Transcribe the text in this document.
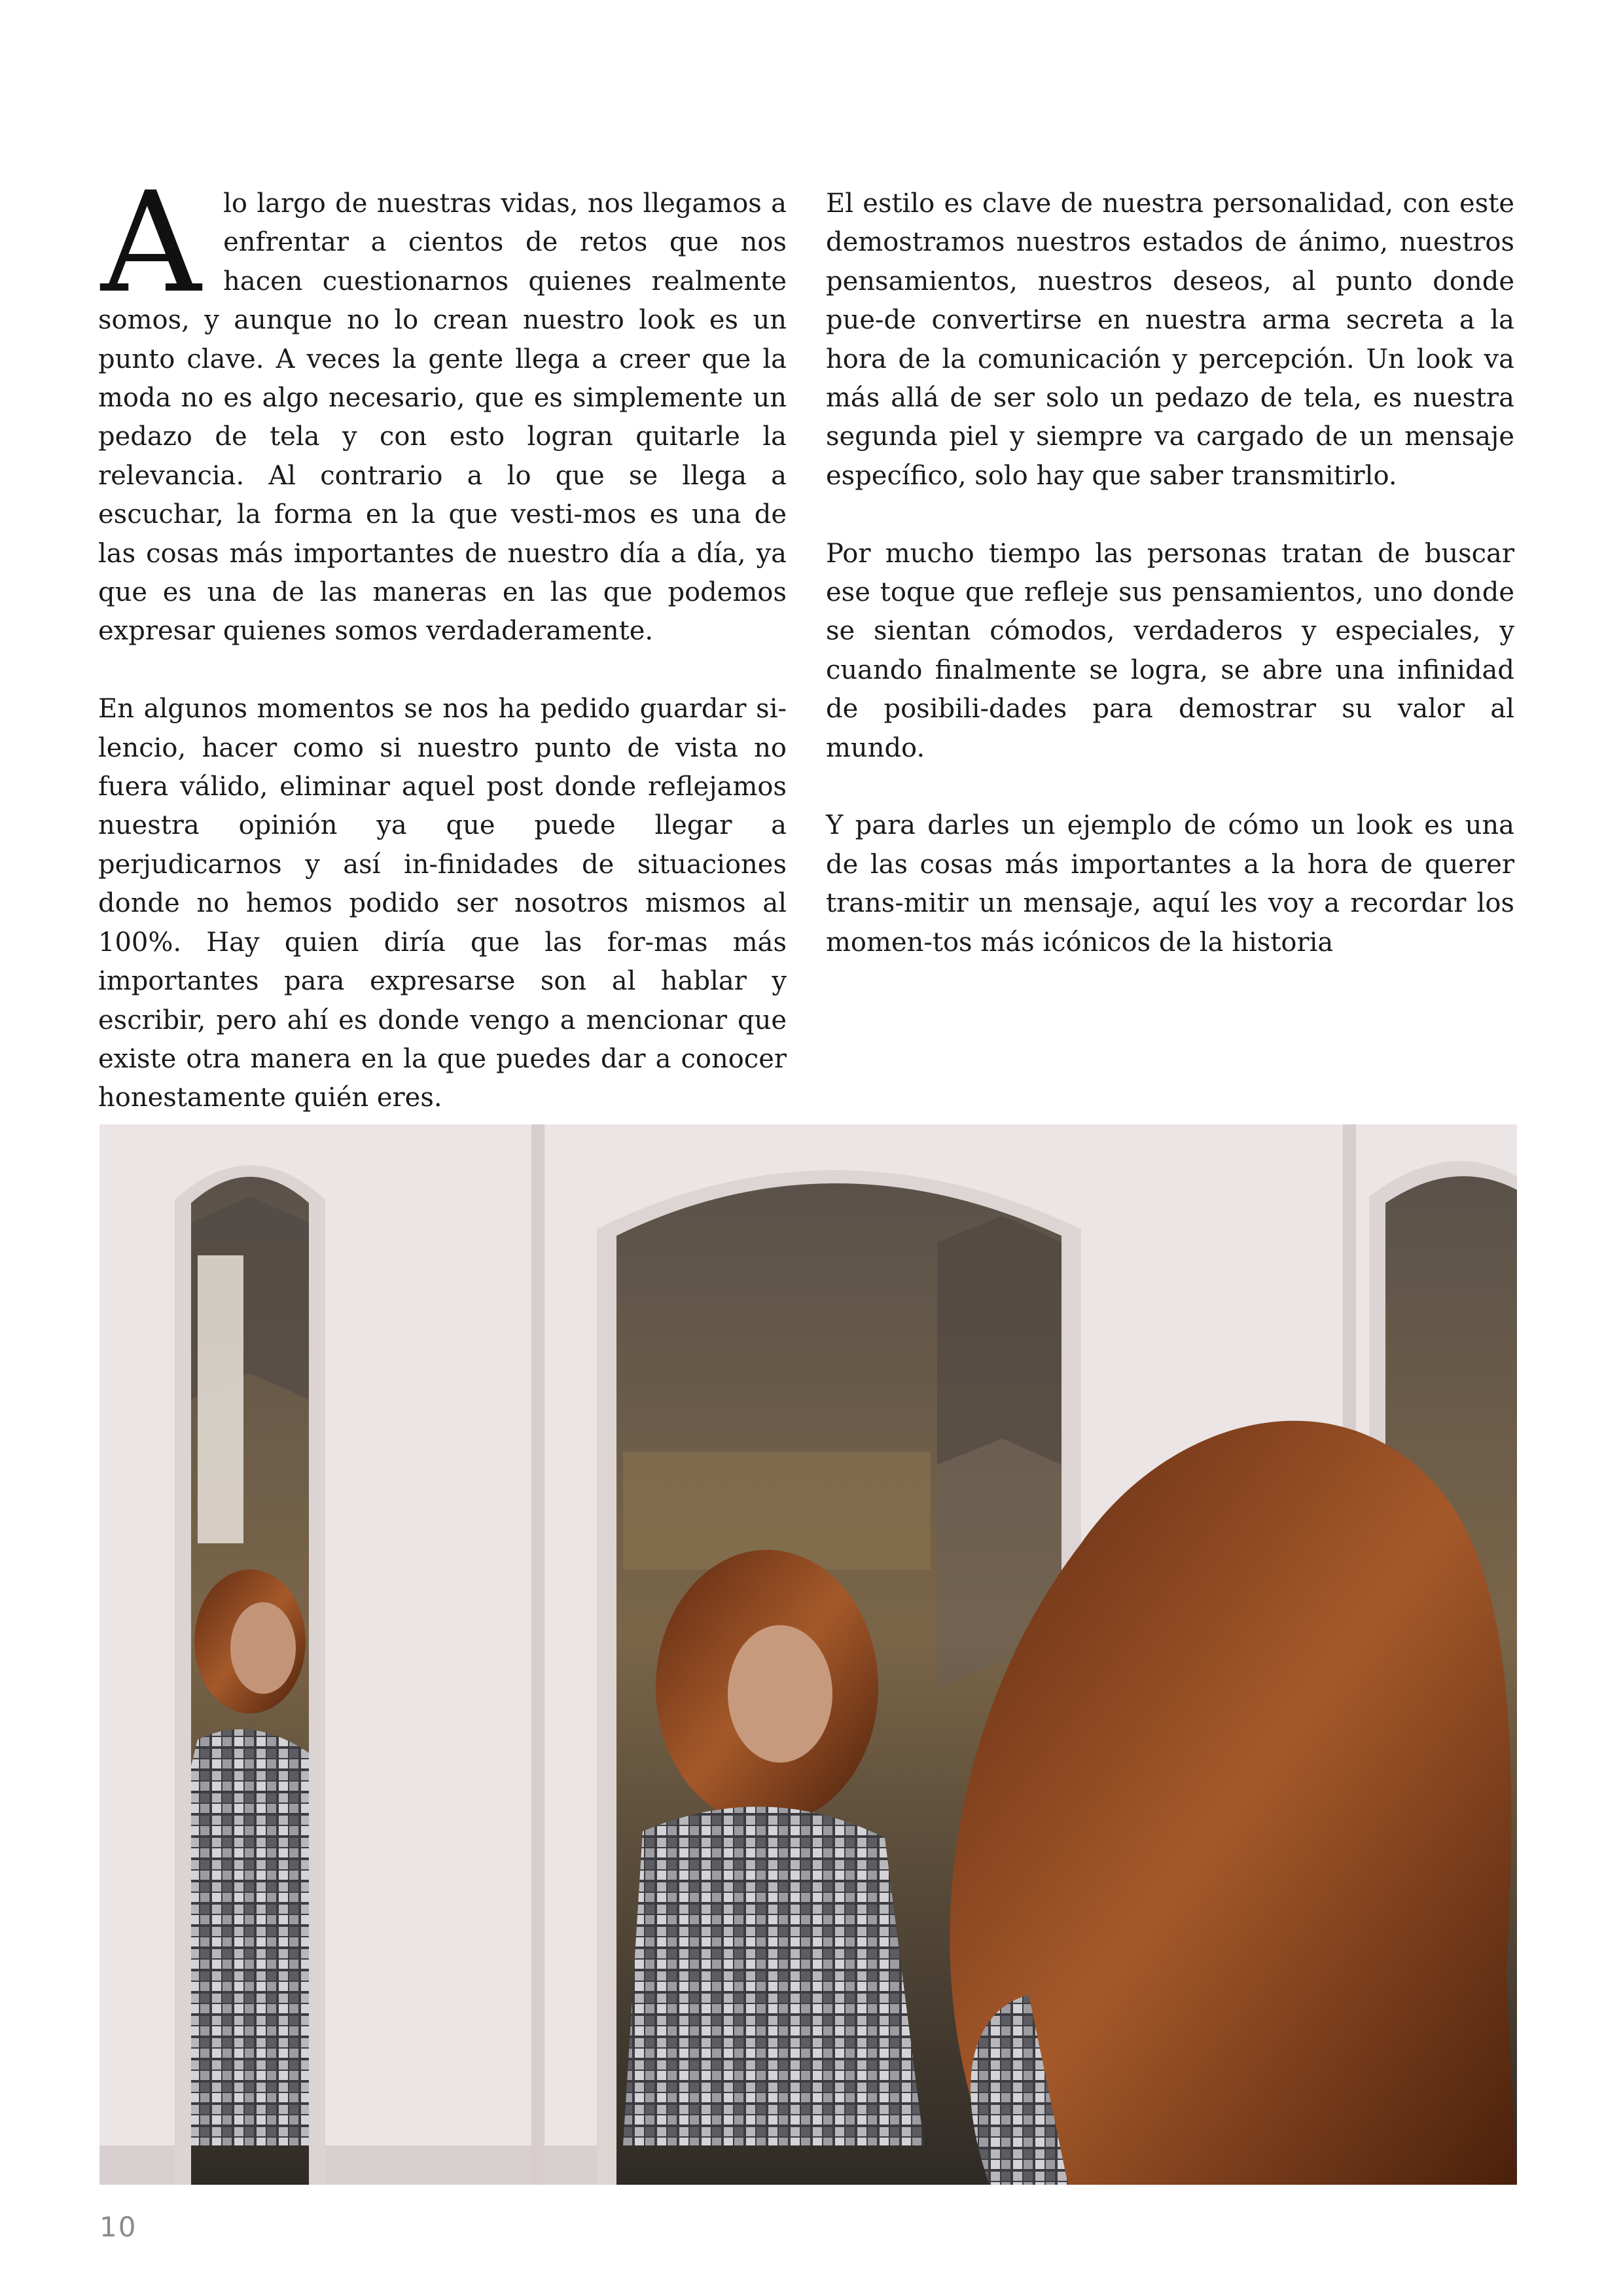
Alo largo de nuestras vidas, nos llegamos a enfrentar a cientos de retos que nos hacen cuestionarnos quienes realmente somos, y aunque no lo crean nuestro look es un punto clave. A veces la gente llega a creer que la moda no es algo necesario, que es simplemente un pedazo de tela y con esto logran quitarle la relevancia. Al contrario a lo que se llega a escuchar, la forma en la que vesti-mos es una de las cosas más importantes de nuestro día a día, ya que es una de las maneras en las que podemos expresar quienes somos verdaderamente.

En algunos momentos se nos ha pedido guardar si-lencio, hacer como si nuestro punto de vista no fuera válido, eliminar aquel post donde reflejamos nuestra opinión ya que puede llegar a perjudicarnos y así in-finidades de situaciones donde no hemos podido ser nosotros mismos al 100%. Hay quien diría que las for-mas más importantes para expresarse son al hablar y escribir, pero ahí es donde vengo a mencionar que existe otra manera en la que puedes dar a conocer honestamente quién eres.

El estilo es clave de nuestra personalidad, con este demostramos nuestros estados de ánimo, nuestros pensamientos, nuestros deseos, al punto donde pue-de convertirse en nuestra arma secreta a la hora de la comunicación y percepción. Un look va más allá de ser solo un pedazo de tela, es nuestra segunda piel y siempre va cargado de un mensaje específico, solo hay que saber transmitirlo.

Por mucho tiempo las personas tratan de buscar ese toque que refleje sus pensamientos, uno donde se sientan cómodos, verdaderos y especiales, y cuando finalmente se logra, se abre una infinidad de posibili-dades para demostrar su valor al mundo.

Y para darles un ejemplo de cómo un look es una de las cosas más importantes a la hora de querer trans-mitir un mensaje, aquí les voy a recordar los momen-tos más icónicos de la historia

10
